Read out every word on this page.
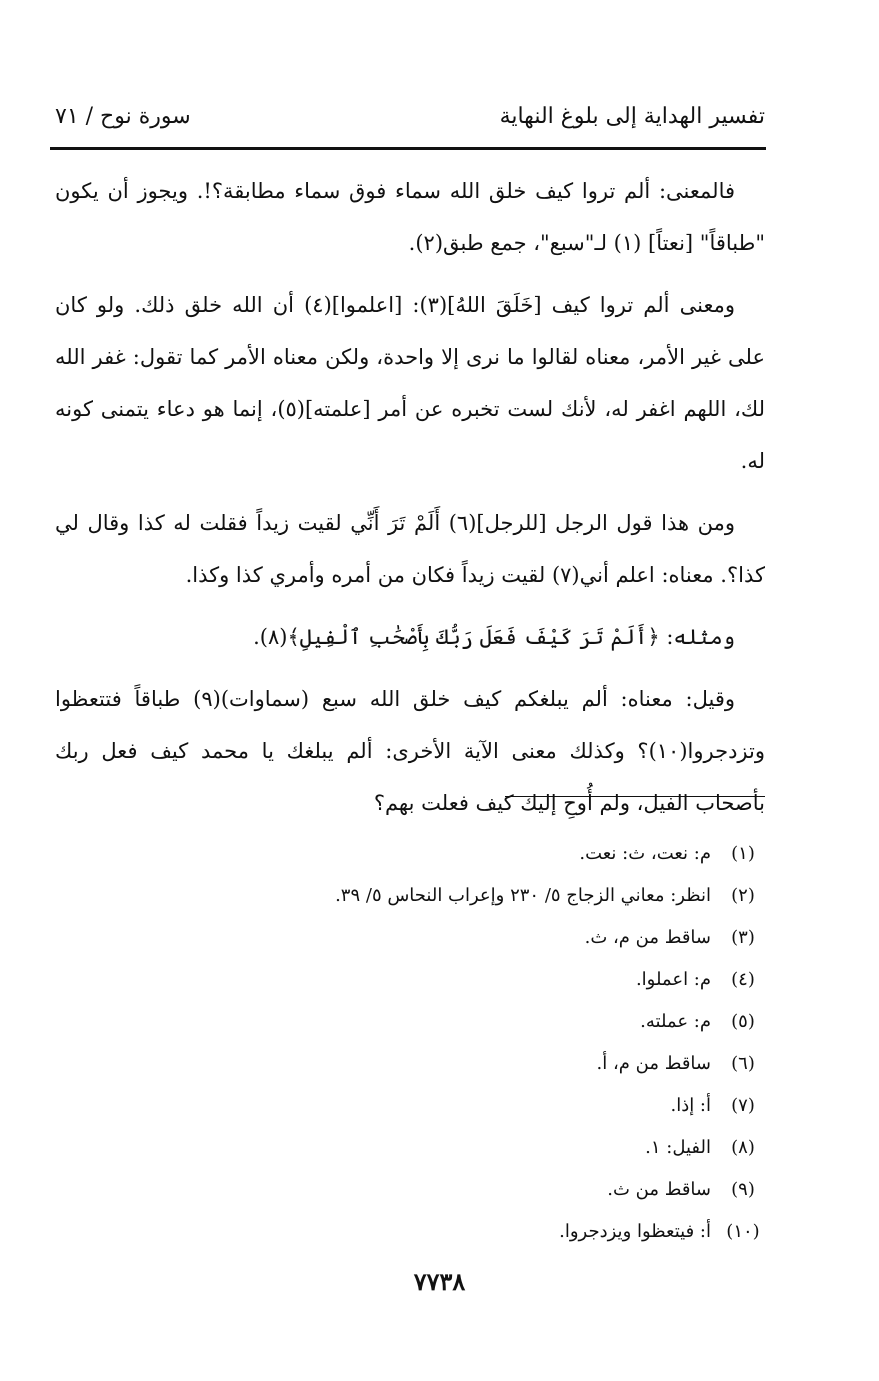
تفسير الهداية إلى بلوغ النهاية
سورة نوح / ٧١

فالمعنى: ألم تروا كيف خلق الله سماء فوق سماء مطابقة؟!. ويجوز أن يكون "طباقاً" [نعتاً] (١) لـ"سبع"، جمع طبق(٢).

ومعنى ألم تروا كيف [خَلَقَ اللهُ](٣): [اعلموا](٤) أن الله خلق ذلك. ولو كان على غير الأمر، معناه لقالوا ما نرى إلا واحدة، ولكن معناه الأمر كما تقول: غفر الله لك، اللهم اغفر له، لأنك لست تخبره عن أمر [علمته](٥)، إنما هو دعاء يتمنى كونه له.

ومن هذا قول الرجل [للرجل](٦) أَلَمْ تَرَ أَنِّي لقيت زيداً فقلت له كذا وقال لي كذا؟. معناه: اعلم أني(٧) لقيت زيداً فكان من أمره وأمري كذا وكذا.

ومثله: ﴿أَلَمْ تَرَ كَيْفَ فَعَلَ رَبُّكَ بِأَصْحَٰبِ ٱلْفِيلِ﴾(٨).

وقيل: معناه: ألم يبلغكم كيف خلق الله سبع (سماوات)(٩) طباقاً فتتعظوا وتزدجروا(١٠)؟ وكذلك معنى الآية الأخرى: ألم يبلغك يا محمد كيف فعل ربك بأصحاب الفيل، ولم أُوحِ إليك كيف فعلت بهم؟

(١)
م: نعت، ث: نعت.
(٢)
انظر: معاني الزجاج ٥/ ٢٣٠ وإعراب النحاس ٥/ ٣٩.
(٣)
ساقط من م، ث.
(٤)
م: اعملوا.
(٥)
م: عملته.
(٦)
ساقط من م، أ.
(٧)
أ: إذا.
(٨)
الفيل: ١.
(٩)
ساقط من ث.
(١٠)
أ: فيتعظوا ويزدجروا.
٧٧٣٨
